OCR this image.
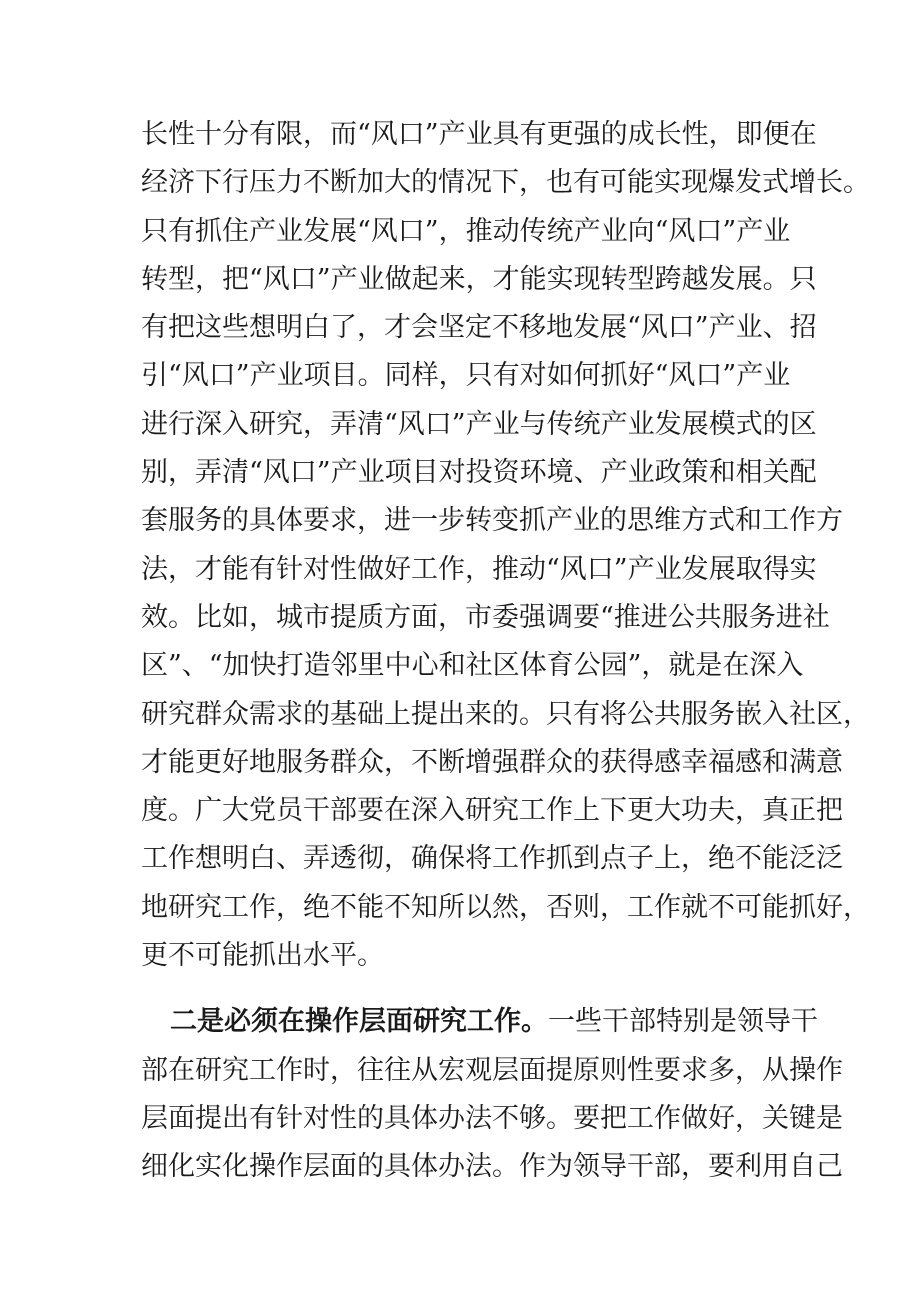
长性十分有限，而“风口”产业具有更强的成长性，即便在
经济下行压力不断加大的情况下，也有可能实现爆发式增长。
只有抓住产业发展“风口”，推动传统产业向“风口”产业
转型，把“风口”产业做起来，才能实现转型跨越发展。只
有把这些想明白了，才会坚定不移地发展“风口”产业、招
引“风口”产业项目。同样，只有对如何抓好“风口”产业
进行深入研究，弄清“风口”产业与传统产业发展模式的区
别，弄清“风口”产业项目对投资环境、产业政策和相关配
套服务的具体要求，进一步转变抓产业的思维方式和工作方
法，才能有针对性做好工作，推动“风口”产业发展取得实
效。比如，城市提质方面，市委强调要“推进公共服务进社
区”、“加快打造邻里中心和社区体育公园”，就是在深入
研究群众需求的基础上提出来的。只有将公共服务嵌入社区，
才能更好地服务群众，不断增强群众的获得感幸福感和满意
度。广大党员干部要在深入研究工作上下更大功夫，真正把
工作想明白、弄透彻，确保将工作抓到点子上，绝不能泛泛
地研究工作，绝不能不知所以然，否则，工作就不可能抓好，
更不可能抓出水平。
二是必须在操作层面研究工作。一些干部特别是领导干
部在研究工作时，往往从宏观层面提原则性要求多，从操作
层面提出有针对性的具体办法不够。要把工作做好，关键是
细化实化操作层面的具体办法。作为领导干部，要利用自己
